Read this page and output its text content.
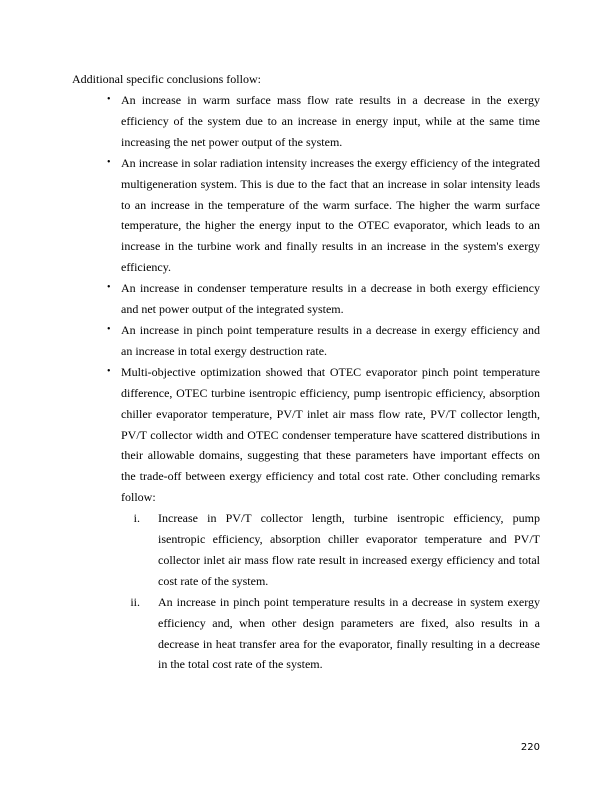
Additional specific conclusions follow:
• An increase in warm surface mass flow rate results in a decrease in the exergy efficiency of the system due to an increase in energy input, while at the same time increasing the net power output of the system.
• An increase in solar radiation intensity increases the exergy efficiency of the integrated multigeneration system. This is due to the fact that an increase in solar intensity leads to an increase in the temperature of the warm surface. The higher the warm surface temperature, the higher the energy input to the OTEC evaporator, which leads to an increase in the turbine work and finally results in an increase in the system's exergy efficiency.
• An increase in condenser temperature results in a decrease in both exergy efficiency and net power output of the integrated system.
• An increase in pinch point temperature results in a decrease in exergy efficiency and an increase in total exergy destruction rate.
• Multi-objective optimization showed that OTEC evaporator pinch point temperature difference, OTEC turbine isentropic efficiency, pump isentropic efficiency, absorption chiller evaporator temperature, PV/T inlet air mass flow rate, PV/T collector length, PV/T collector width and OTEC condenser temperature have scattered distributions in their allowable domains, suggesting that these parameters have important effects on the trade-off between exergy efficiency and total cost rate. Other concluding remarks follow:
i. Increase in PV/T collector length, turbine isentropic efficiency, pump isentropic efficiency, absorption chiller evaporator temperature and PV/T collector inlet air mass flow rate result in increased exergy efficiency and total cost rate of the system.
ii. An increase in pinch point temperature results in a decrease in system exergy efficiency and, when other design parameters are fixed, also results in a decrease in heat transfer area for the evaporator, finally resulting in a decrease in the total cost rate of the system.
220
